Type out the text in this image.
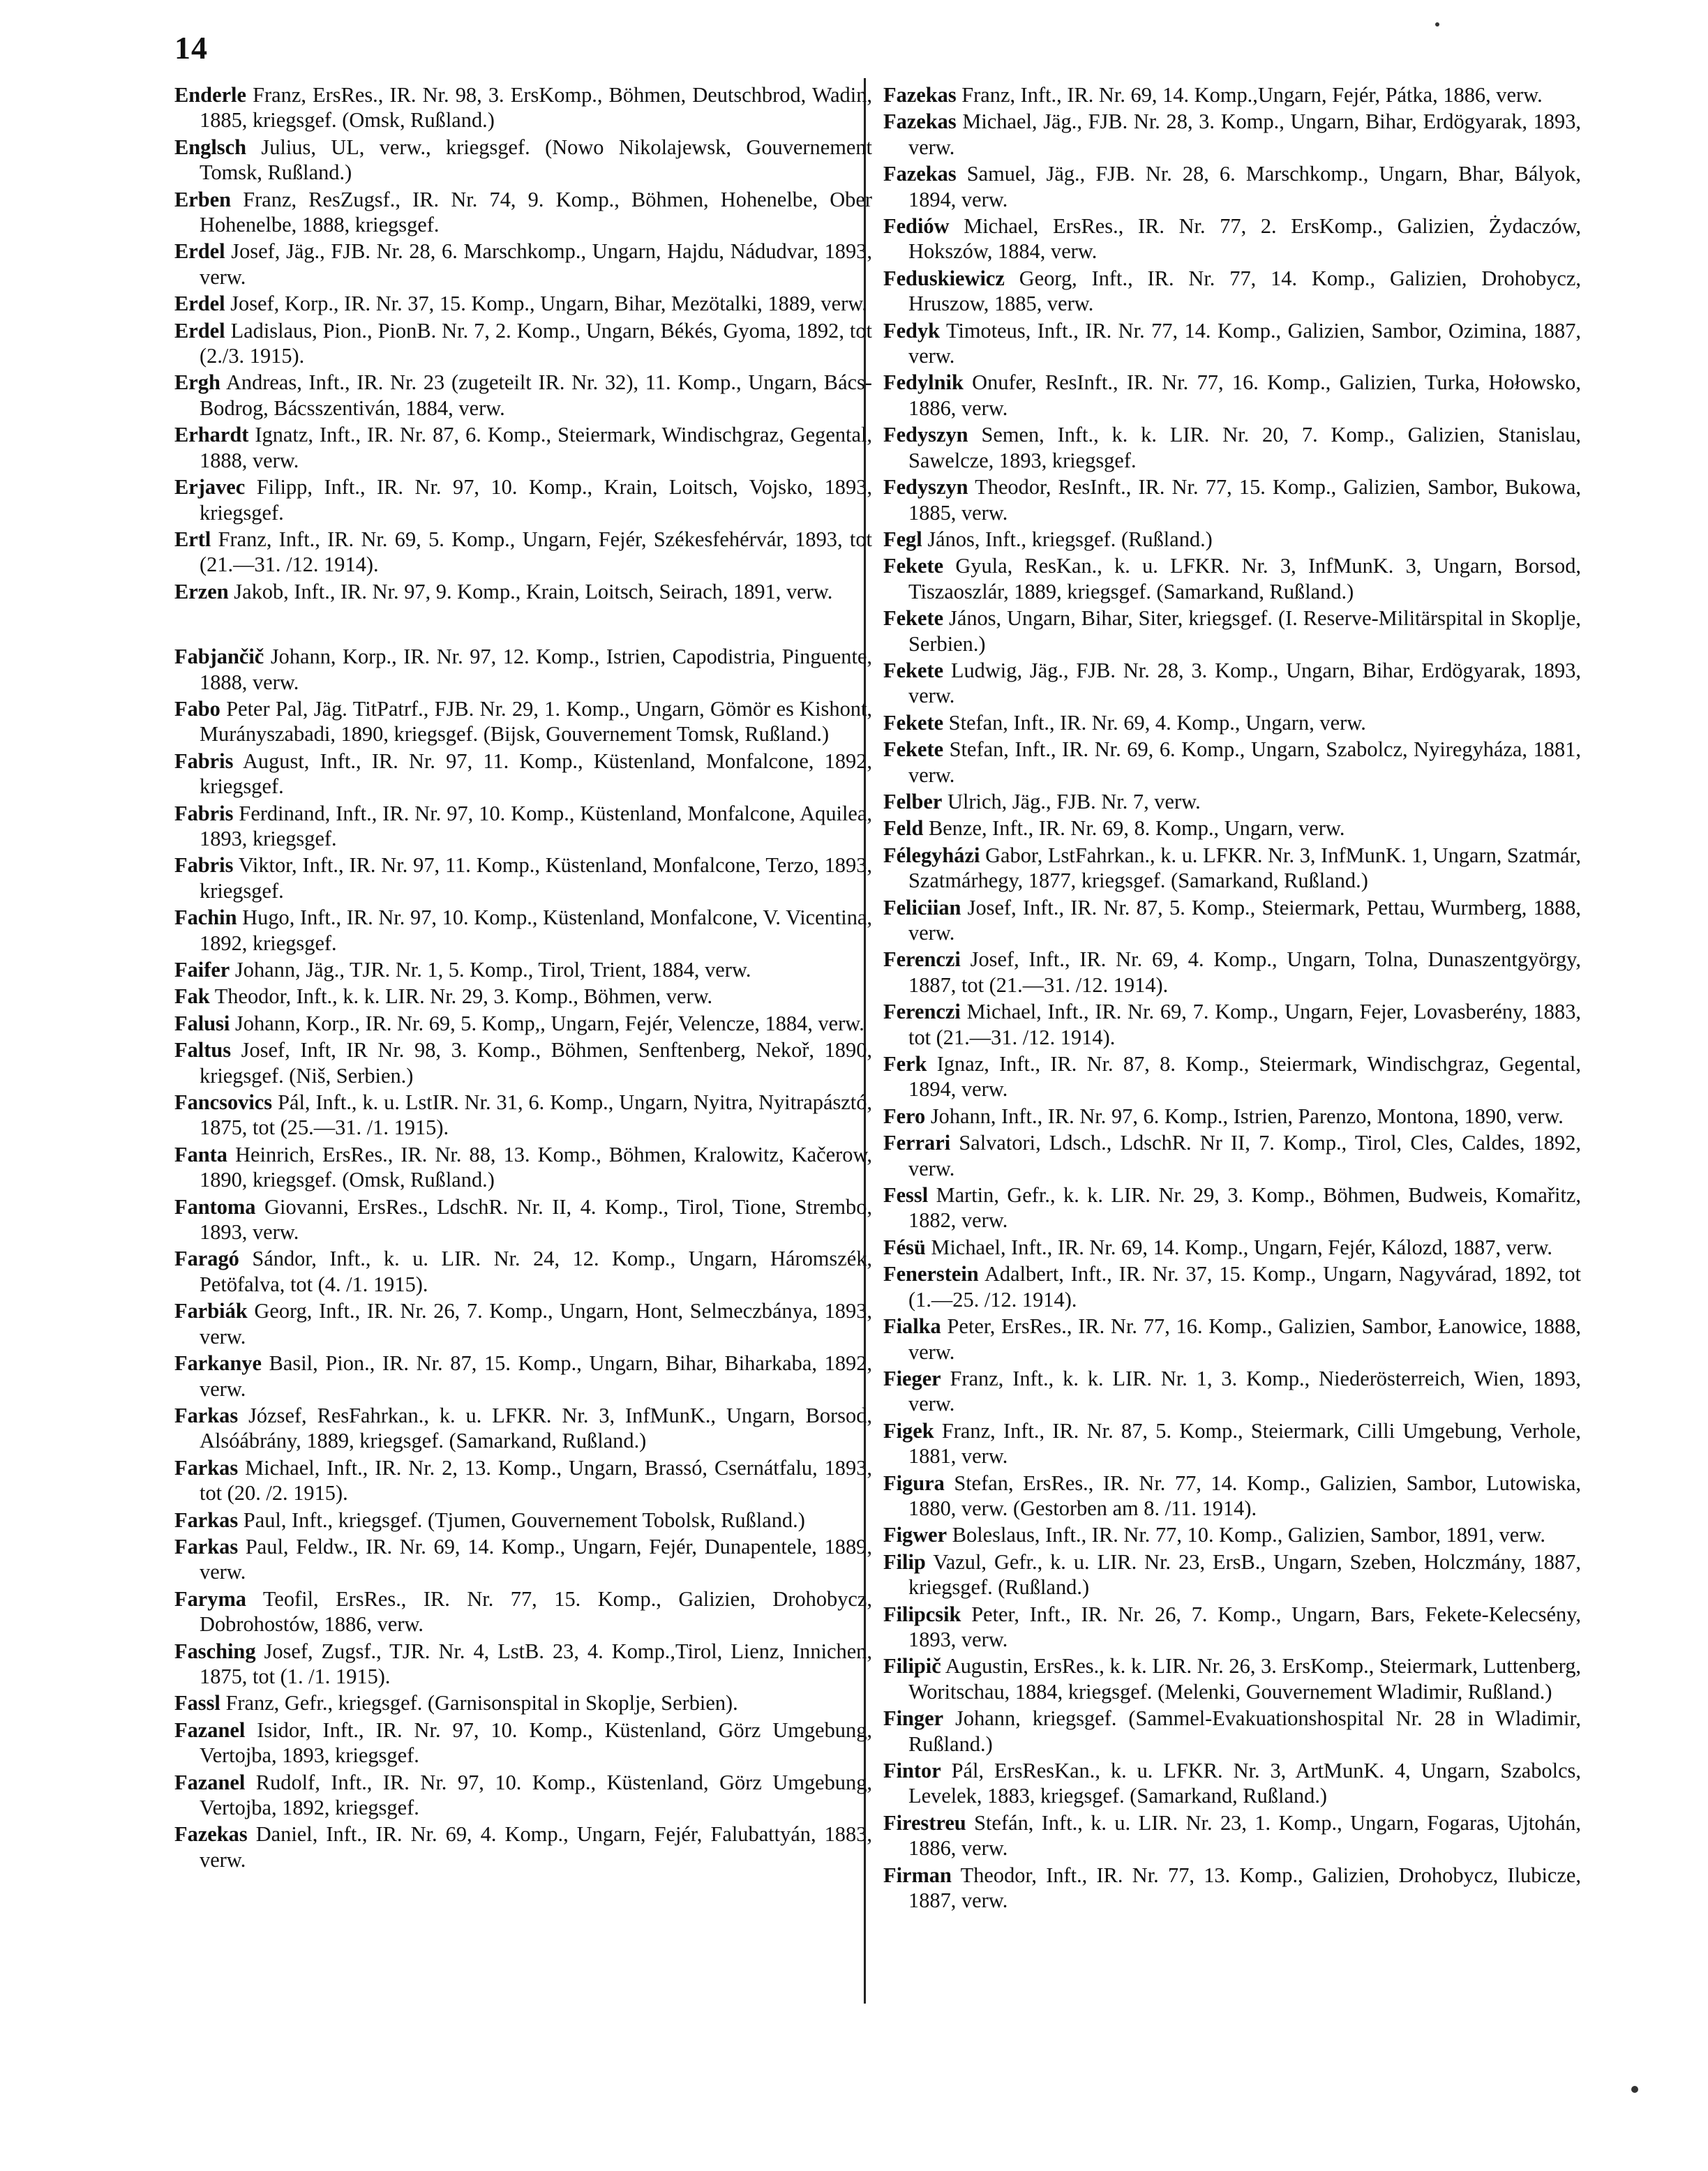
14

Enderle Franz, ErsRes., IR. Nr. 98, 3. ErsKomp., Böhmen, Deutschbrod, Wadin, 1885, kriegsgef. (Omsk, Rußland.)

Englsch Julius, UL, verw., kriegsgef. (Nowo Nikolajewsk, Gouvernement Tomsk, Rußland.)

Erben Franz, ResZugsf., IR. Nr. 74, 9. Komp., Böhmen, Hohenelbe, Ober Hohenelbe, 1888, kriegsgef.

Erdel Josef, Jäg., FJB. Nr. 28, 6. Marschkomp., Ungarn, Hajdu, Nádudvar, 1893, verw.

Erdel Josef, Korp., IR. Nr. 37, 15. Komp., Ungarn, Bihar, Mezötalki, 1889, verw.

Erdel Ladislaus, Pion., PionB. Nr. 7, 2. Komp., Ungarn, Békés, Gyoma, 1892, tot (2./3. 1915).

Ergh Andreas, Inft., IR. Nr. 23 (zugeteilt IR. Nr. 32), 11. Komp., Ungarn, Bács-Bodrog, Bácsszentiván, 1884, verw.

Erhardt Ignatz, Inft., IR. Nr. 87, 6. Komp., Steiermark, Windischgraz, Gegental, 1888, verw.

Erjavec Filipp, Inft., IR. Nr. 97, 10. Komp., Krain, Loitsch, Vojsko, 1893, kriegsgef.

Ertl Franz, Inft., IR. Nr. 69, 5. Komp., Ungarn, Fejér, Székesfehérvár, 1893, tot (21.—31. /12. 1914).

Erzen Jakob, Inft., IR. Nr. 97, 9. Komp., Krain, Loitsch, Seirach, 1891, verw.

Fabjančič Johann, Korp., IR. Nr. 97, 12. Komp., Istrien, Capodistria, Pinguente, 1888, verw.

Fabo Peter Pal, Jäg. TitPatrf., FJB. Nr. 29, 1. Komp., Ungarn, Gömör es Kishont, Murányszabadi, 1890, kriegsgef. (Bijsk, Gouvernement Tomsk, Rußland.)

Fabris August, Inft., IR. Nr. 97, 11. Komp., Küstenland, Monfalcone, 1892, kriegsgef.

Fabris Ferdinand, Inft., IR. Nr. 97, 10. Komp., Küstenland, Monfalcone, Aquilea, 1893, kriegsgef.

Fabris Viktor, Inft., IR. Nr. 97, 11. Komp., Küstenland, Monfalcone, Terzo, 1893, kriegsgef.

Fachin Hugo, Inft., IR. Nr. 97, 10. Komp., Küstenland, Monfalcone, V. Vicentina, 1892, kriegsgef.

Faifer Johann, Jäg., TJR. Nr. 1, 5. Komp., Tirol, Trient, 1884, verw.

Fak Theodor, Inft., k. k. LIR. Nr. 29, 3. Komp., Böhmen, verw.

Falusi Johann, Korp., IR. Nr. 69, 5. Komp,, Ungarn, Fejér, Velencze, 1884, verw.

Faltus Josef, Inft, IR Nr. 98, 3. Komp., Böhmen, Senftenberg, Nekoř, 1890, kriegsgef. (Niš, Serbien.)

Fancsovics Pál, Inft., k. u. LstIR. Nr. 31, 6. Komp., Ungarn, Nyitra, Nyitrapásztó, 1875, tot (25.—31. /1. 1915).

Fanta Heinrich, ErsRes., IR. Nr. 88, 13. Komp., Böhmen, Kralowitz, Kačerow, 1890, kriegsgef. (Omsk, Rußland.)

Fantoma Giovanni, ErsRes., LdschR. Nr. II, 4. Komp., Tirol, Tione, Strembo, 1893, verw.

Faragó Sándor, Inft., k. u. LIR. Nr. 24, 12. Komp., Ungarn, Háromszék, Petöfalva, tot (4. /1. 1915).

Farbiák Georg, Inft., IR. Nr. 26, 7. Komp., Ungarn, Hont, Selmeczbánya, 1893, verw.

Farkanye Basil, Pion., IR. Nr. 87, 15. Komp., Ungarn, Bihar, Biharkaba, 1892, verw.

Farkas József, ResFahrkan., k. u. LFKR. Nr. 3, InfMunK., Ungarn, Borsod, Alsóábrány, 1889, kriegsgef. (Samarkand, Rußland.)

Farkas Michael, Inft., IR. Nr. 2, 13. Komp., Ungarn, Brassó, Csernátfalu, 1893, tot (20. /2. 1915).

Farkas Paul, Inft., kriegsgef. (Tjumen, Gouvernement Tobolsk, Rußland.)

Farkas Paul, Feldw., IR. Nr. 69, 14. Komp., Ungarn, Fejér, Dunapentele, 1889, verw.

Faryma Teofil, ErsRes., IR. Nr. 77, 15. Komp., Galizien, Drohobycz, Dobrohostów, 1886, verw.

Fasching Josef, Zugsf., TJR. Nr. 4, LstB. 23, 4. Komp.,Tirol, Lienz, Innichen, 1875, tot (1. /1. 1915).

Fassl Franz, Gefr., kriegsgef. (Garnisonspital in Skoplje, Serbien).

Fazanel Isidor, Inft., IR. Nr. 97, 10. Komp., Küstenland, Görz Umgebung, Vertojba, 1893, kriegsgef.

Fazanel Rudolf, Inft., IR. Nr. 97, 10. Komp., Küstenland, Görz Umgebung, Vertojba, 1892, kriegsgef.

Fazekas Daniel, Inft., IR. Nr. 69, 4. Komp., Ungarn, Fejér, Falubattyán, 1883, verw.

Fazekas Franz, Inft., IR. Nr. 69, 14. Komp.,Ungarn, Fejér, Pátka, 1886, verw.

Fazekas Michael, Jäg., FJB. Nr. 28, 3. Komp., Ungarn, Bihar, Erdögyarak, 1893, verw.

Fazekas Samuel, Jäg., FJB. Nr. 28, 6. Marschkomp., Ungarn, Bhar, Bályok, 1894, verw.

Fediów Michael, ErsRes., IR. Nr. 77, 2. ErsKomp., Galizien, Żydaczów, Hokszów, 1884, verw.

Feduskiewicz Georg, Inft., IR. Nr. 77, 14. Komp., Galizien, Drohobycz, Hruszow, 1885, verw.

Fedyk Timoteus, Inft., IR. Nr. 77, 14. Komp., Galizien, Sambor, Ozimina, 1887, verw.

Fedylnik Onufer, ResInft., IR. Nr. 77, 16. Komp., Galizien, Turka, Hołowsko, 1886, verw.

Fedyszyn Semen, Inft., k. k. LIR. Nr. 20, 7. Komp., Galizien, Stanislau, Sawelcze, 1893, kriegsgef.

Fedyszyn Theodor, ResInft., IR. Nr. 77, 15. Komp., Galizien, Sambor, Bukowa, 1885, verw.

Fegl János, Inft., kriegsgef. (Rußland.)

Fekete Gyula, ResKan., k. u. LFKR. Nr. 3, InfMunK. 3, Ungarn, Borsod, Tiszaoszlár, 1889, kriegsgef. (Samarkand, Rußland.)

Fekete János, Ungarn, Bihar, Siter, kriegsgef. (I. Reserve-Militärspital in Skoplje, Serbien.)

Fekete Ludwig, Jäg., FJB. Nr. 28, 3. Komp., Ungarn, Bihar, Erdögyarak, 1893, verw.

Fekete Stefan, Inft., IR. Nr. 69, 4. Komp., Ungarn, verw.

Fekete Stefan, Inft., IR. Nr. 69, 6. Komp., Ungarn, Szabolcz, Nyiregyháza, 1881, verw.

Felber Ulrich, Jäg., FJB. Nr. 7, verw.

Feld Benze, Inft., IR. Nr. 69, 8. Komp., Ungarn, verw.

Félegyházi Gabor, LstFahrkan., k. u. LFKR. Nr. 3, InfMunK. 1, Ungarn, Szatmár, Szatmárhegy, 1877, kriegsgef. (Samarkand, Rußland.)

Feliciian Josef, Inft., IR. Nr. 87, 5. Komp., Steiermark, Pettau, Wurmberg, 1888, verw.

Ferenczi Josef, Inft., IR. Nr. 69, 4. Komp., Ungarn, Tolna, Dunaszentgyörgy, 1887, tot (21.—31. /12. 1914).

Ferenczi Michael, Inft., IR. Nr. 69, 7. Komp., Ungarn, Fejer, Lovasberény, 1883, tot (21.—31. /12. 1914).

Ferk Ignaz, Inft., IR. Nr. 87, 8. Komp., Steiermark, Windischgraz, Gegental, 1894, verw.

Fero Johann, Inft., IR. Nr. 97, 6. Komp., Istrien, Parenzo, Montona, 1890, verw.

Ferrari Salvatori, Ldsch., LdschR. Nr II, 7. Komp., Tirol, Cles, Caldes, 1892, verw.

Fessl Martin, Gefr., k. k. LIR. Nr. 29, 3. Komp., Böhmen, Budweis, Komařitz, 1882, verw.

Fésü Michael, Inft., IR. Nr. 69, 14. Komp., Ungarn, Fejér, Kálozd, 1887, verw.

Fenerstein Adalbert, Inft., IR. Nr. 37, 15. Komp., Ungarn, Nagyvárad, 1892, tot (1.—25. /12. 1914).

Fialka Peter, ErsRes., IR. Nr. 77, 16. Komp., Galizien, Sambor, Łanowice, 1888, verw.

Fieger Franz, Inft., k. k. LIR. Nr. 1, 3. Komp., Niederösterreich, Wien, 1893, verw.

Figek Franz, Inft., IR. Nr. 87, 5. Komp., Steiermark, Cilli Umgebung, Verhole, 1881, verw.

Figura Stefan, ErsRes., IR. Nr. 77, 14. Komp., Galizien, Sambor, Lutowiska, 1880, verw. (Gestorben am 8. /11. 1914).

Figwer Boleslaus, Inft., IR. Nr. 77, 10. Komp., Galizien, Sambor, 1891, verw.

Filip Vazul, Gefr., k. u. LIR. Nr. 23, ErsB., Ungarn, Szeben, Holczmány, 1887, kriegsgef. (Rußland.)

Filipcsik Peter, Inft., IR. Nr. 26, 7. Komp., Ungarn, Bars, Fekete-Kelecsény, 1893, verw.

Filipič Augustin, ErsRes., k. k. LIR. Nr. 26, 3. ErsKomp., Steiermark, Luttenberg, Woritschau, 1884, kriegsgef. (Melenki, Gouvernement Wladimir, Rußland.)

Finger Johann, kriegsgef. (Sammel-Evakuationshospital Nr. 28 in Wladimir, Rußland.)

Fintor Pál, ErsResKan., k. u. LFKR. Nr. 3, ArtMunK. 4, Ungarn, Szabolcs, Levelek, 1883, kriegsgef. (Samarkand, Rußland.)

Firestreu Stefán, Inft., k. u. LIR. Nr. 23, 1. Komp., Ungarn, Fogaras, Ujtohán, 1886, verw.

Firman Theodor, Inft., IR. Nr. 77, 13. Komp., Galizien, Drohobycz, Ilubicze, 1887, verw.
